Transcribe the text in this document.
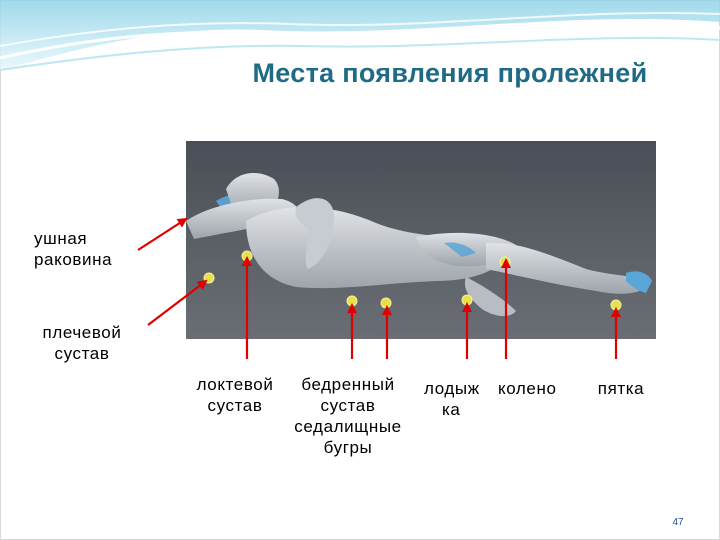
Места появления пролежней
ушная раковина
плечевой сустав
локтевой сустав
бедренный сустав
седалищные бугры
лодыж
ка
колено	пятка
47
